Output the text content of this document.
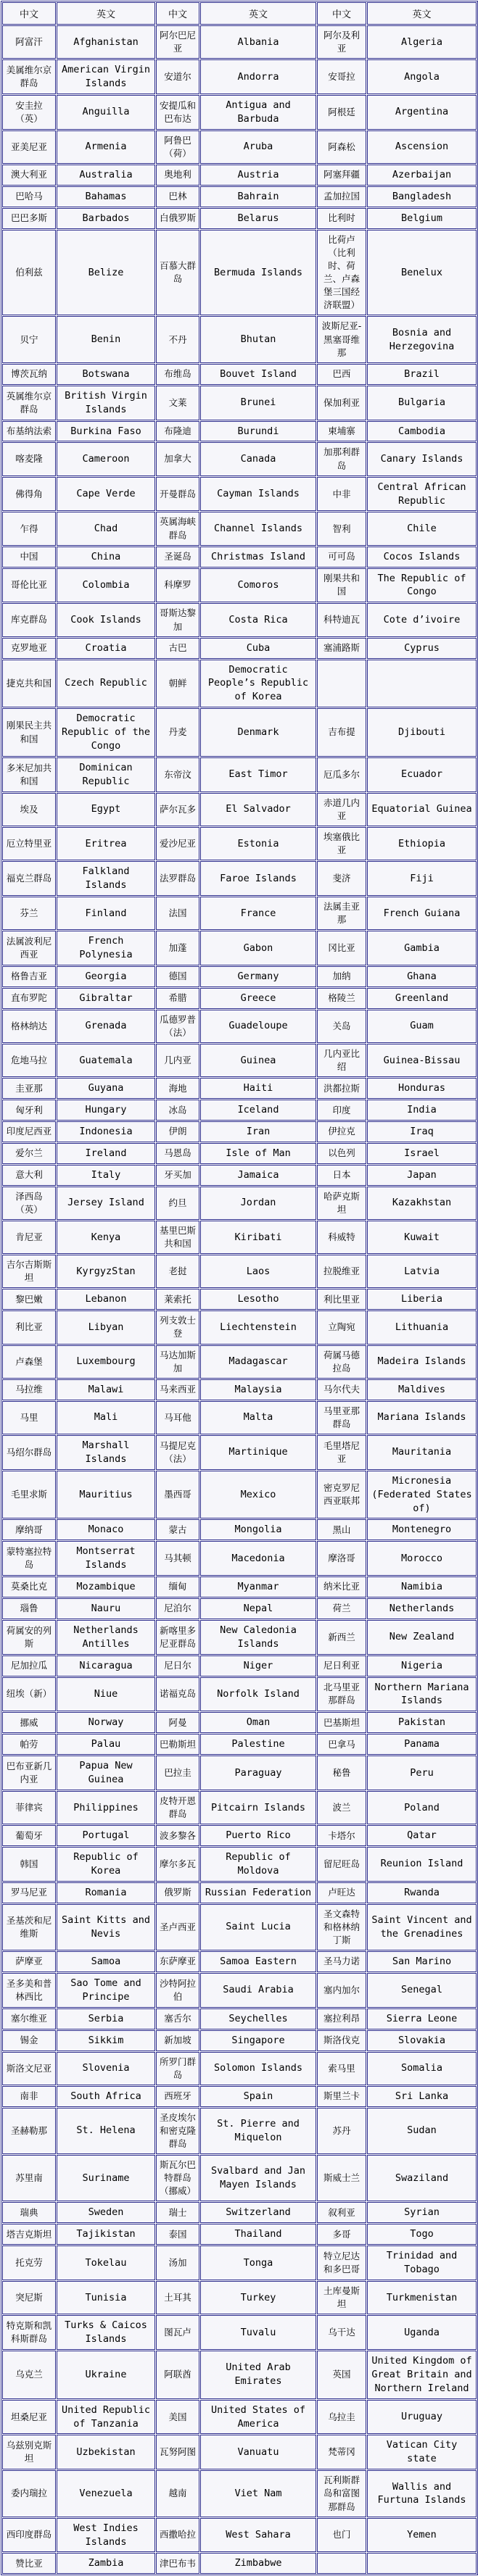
中文	英文	中文	英文	中文	英文
阿富汗	Afghanistan	阿尔巴尼亚	Albania	阿尔及利亚	Algeria
美属维尔京群岛	American Virgin Islands	安道尔	Andorra	安哥拉	Angola
安圭拉（英）	Anguilla	安提瓜和巴布达	Antigua and Barbuda	阿根廷	Argentina
亚美尼亚	Armenia	阿鲁巴（荷）	Aruba	阿森松	Ascension
澳大利亚	Australia	奥地利	Austria	阿塞拜疆	Azerbaijan
巴哈马	Bahamas	巴林	Bahrain	孟加拉国	Bangladesh
巴巴多斯	Barbados	白俄罗斯	Belarus	比利时	Belgium
伯利兹	Belize	百慕大群岛	Bermuda Islands	比荷卢（比利时、荷兰、卢森堡三国经济联盟）	Benelux
贝宁	Benin	不丹	Bhutan	波斯尼亚-黑塞哥维那	Bosnia and Herzegovina
博茨瓦纳	Botswana	布维岛	Bouvet Island	巴西	Brazil
英属维尔京群岛	British Virgin Islands	文莱	Brunei	保加利亚	Bulgaria
布基纳法索	Burkina Faso	布隆迪	Burundi	柬埔寨	Cambodia
喀麦隆	Cameroon	加拿大	Canada	加那利群岛	Canary Islands
佛得角	Cape Verde	开曼群岛	Cayman Islands	中非	Central African Republic
乍得	Chad	英属海峡群岛	Channel Islands	智利	Chile
中国	China	圣诞岛	Christmas Island	可可岛	Cocos Islands
哥伦比亚	Colombia	科摩罗	Comoros	刚果共和国	The Republic of Congo
库克群岛	Cook Islands	哥斯达黎加	Costa Rica	科特迪瓦	Cote d’ivoire
克罗地亚	Croatia	古巴	Cuba	塞浦路斯	Cyprus
捷克共和国	Czech Republic	朝鲜	Democratic People’s Republic of Korea		
刚果民主共和国	Democratic Republic of the Congo	丹麦	Denmark	吉布提	Djibouti
多米尼加共和国	Dominican Republic	东帝汶	East Timor	厄瓜多尔	Ecuador
埃及	Egypt	萨尔瓦多	El Salvador	赤道几内亚	Equatorial Guinea
厄立特里亚	Eritrea	爱沙尼亚	Estonia	埃塞俄比亚	Ethiopia
福克兰群岛	Falkland Islands	法罗群岛	Faroe Islands	斐济	Fiji
芬兰	Finland	法国	France	法属圭亚那	French Guiana
法属波利尼西亚	French Polynesia	加蓬	Gabon	冈比亚	Gambia
格鲁吉亚	Georgia	德国	Germany	加纳	Ghana
直布罗陀	Gibraltar	希腊	Greece	格陵兰	Greenland
格林纳达	Grenada	瓜德罗普（法）	Guadeloupe	关岛	Guam
危地马拉	Guatemala	几内亚	Guinea	几内亚比绍	Guinea-Bissau
圭亚那	Guyana	海地	Haiti	洪都拉斯	Honduras
匈牙利	Hungary	冰岛	Iceland	印度	India
印度尼西亚	Indonesia	伊朗	Iran	伊拉克	Iraq
爱尔兰	Ireland	马恩岛	Isle of Man	以色列	Israel
意大利	Italy	牙买加	Jamaica	日本	Japan
泽西岛（英）	Jersey Island	约旦	Jordan	哈萨克斯坦	Kazakhstan
肯尼亚	Kenya	基里巴斯共和国	Kiribati	科威特	Kuwait
吉尔吉斯斯坦	KyrgyzStan	老挝	Laos	拉脱维亚	Latvia
黎巴嫩	Lebanon	莱索托	Lesotho	利比里亚	Liberia
利比亚	Libyan	列支敦士登	Liechtenstein	立陶宛	Lithuania
卢森堡	Luxembourg	马达加斯加	Madagascar	荷属马德拉岛	Madeira Islands
马拉维	Malawi	马来西亚	Malaysia	马尔代夫	Maldives
马里	Mali	马耳他	Malta	马里亚那群岛	Mariana Islands
马绍尔群岛	Marshall Islands	马提尼克（法）	Martinique	毛里塔尼亚	Mauritania
毛里求斯	Mauritius	墨西哥	Mexico	密克罗尼西亚联邦	Micronesia (Federated States of)
摩纳哥	Monaco	蒙古	Mongolia	黑山	Montenegro
蒙特塞拉特岛	Montserrat Islands	马其顿	Macedonia	摩洛哥	Morocco
莫桑比克	Mozambique	缅甸	Myanmar	纳米比亚	Namibia
瑙鲁	Nauru	尼泊尔	Nepal	荷兰	Netherlands
荷属安的列斯	Netherlands Antilles	新喀里多尼亚群岛	New Caledonia Islands	新西兰	New Zealand
尼加拉瓜	Nicaragua	尼日尔	Niger	尼日利亚	Nigeria
纽埃（新）	Niue	诺福克岛	Norfolk Island	北马里亚那群岛	Northern Mariana Islands
挪威	Norway	阿曼	Oman	巴基斯坦	Pakistan
帕劳	Palau	巴勒斯坦	Palestine	巴拿马	Panama
巴布亚新几内亚	Papua New Guinea	巴拉圭	Paraguay	秘鲁	Peru
菲律宾	Philippines	皮特开恩群岛	Pitcairn Islands	波兰	Poland
葡萄牙	Portugal	波多黎各	Puerto Rico	卡塔尔	Qatar
韩国	Republic of Korea	摩尔多瓦	Republic of Moldova	留尼旺岛	Reunion Island
罗马尼亚	Romania	俄罗斯	Russian Federation	卢旺达	Rwanda
圣基茨和尼维斯	Saint Kitts and Nevis	圣卢西亚	Saint Lucia	圣文森特和格林纳丁斯	Saint Vincent and the Grenadines
萨摩亚	Samoa	东萨摩亚	Samoa Eastern	圣马力诺	San Marino
圣多美和普林西比	Sao Tome and Principe	沙特阿拉伯	Saudi Arabia	塞内加尔	Senegal
塞尔维亚	Serbia	塞舌尔	Seychelles	塞拉利昂	Sierra Leone
锡金	Sikkim	新加坡	Singapore	斯洛伐克	Slovakia
斯洛文尼亚	Slovenia	所罗门群岛	Solomon Islands	索马里	Somalia
南非	South Africa	西班牙	Spain	斯里兰卡	Sri Lanka
圣赫勒那	St. Helena	圣皮埃尔和密克隆群岛	St. Pierre and Miquelon	苏丹	Sudan
苏里南	Suriname	斯瓦尔巴特群岛（挪威）	Svalbard and Jan Mayen Islands	斯威士兰	Swaziland
瑞典	Sweden	瑞士	Switzerland	叙利亚	Syrian
塔吉克斯坦	Tajikistan	泰国	Thailand	多哥	Togo
托克劳	Tokelau	汤加	Tonga	特立尼达和多巴哥	Trinidad and Tobago
突尼斯	Tunisia	土耳其	Turkey	土库曼斯坦	Turkmenistan
特克斯和凯科斯群岛	Turks & Caicos Islands	图瓦卢	Tuvalu	乌干达	Uganda
乌克兰	Ukraine	阿联酋	United Arab Emirates	英国	United Kingdom of Great Britain and Northern Ireland
坦桑尼亚	United Republic of Tanzania	美国	United States of America	乌拉圭	Uruguay
乌兹别克斯坦	Uzbekistan	瓦努阿图	Vanuatu	梵蒂冈	Vatican City state
委内瑞拉	Venezuela	越南	Viet Nam	瓦利斯群岛和富图那群岛	Wallis and Furtuna Islands
西印度群岛	West Indies Islands	西撒哈拉	West Sahara	也门	Yemen
赞比亚	Zambia	津巴布韦	Zimbabwe		
